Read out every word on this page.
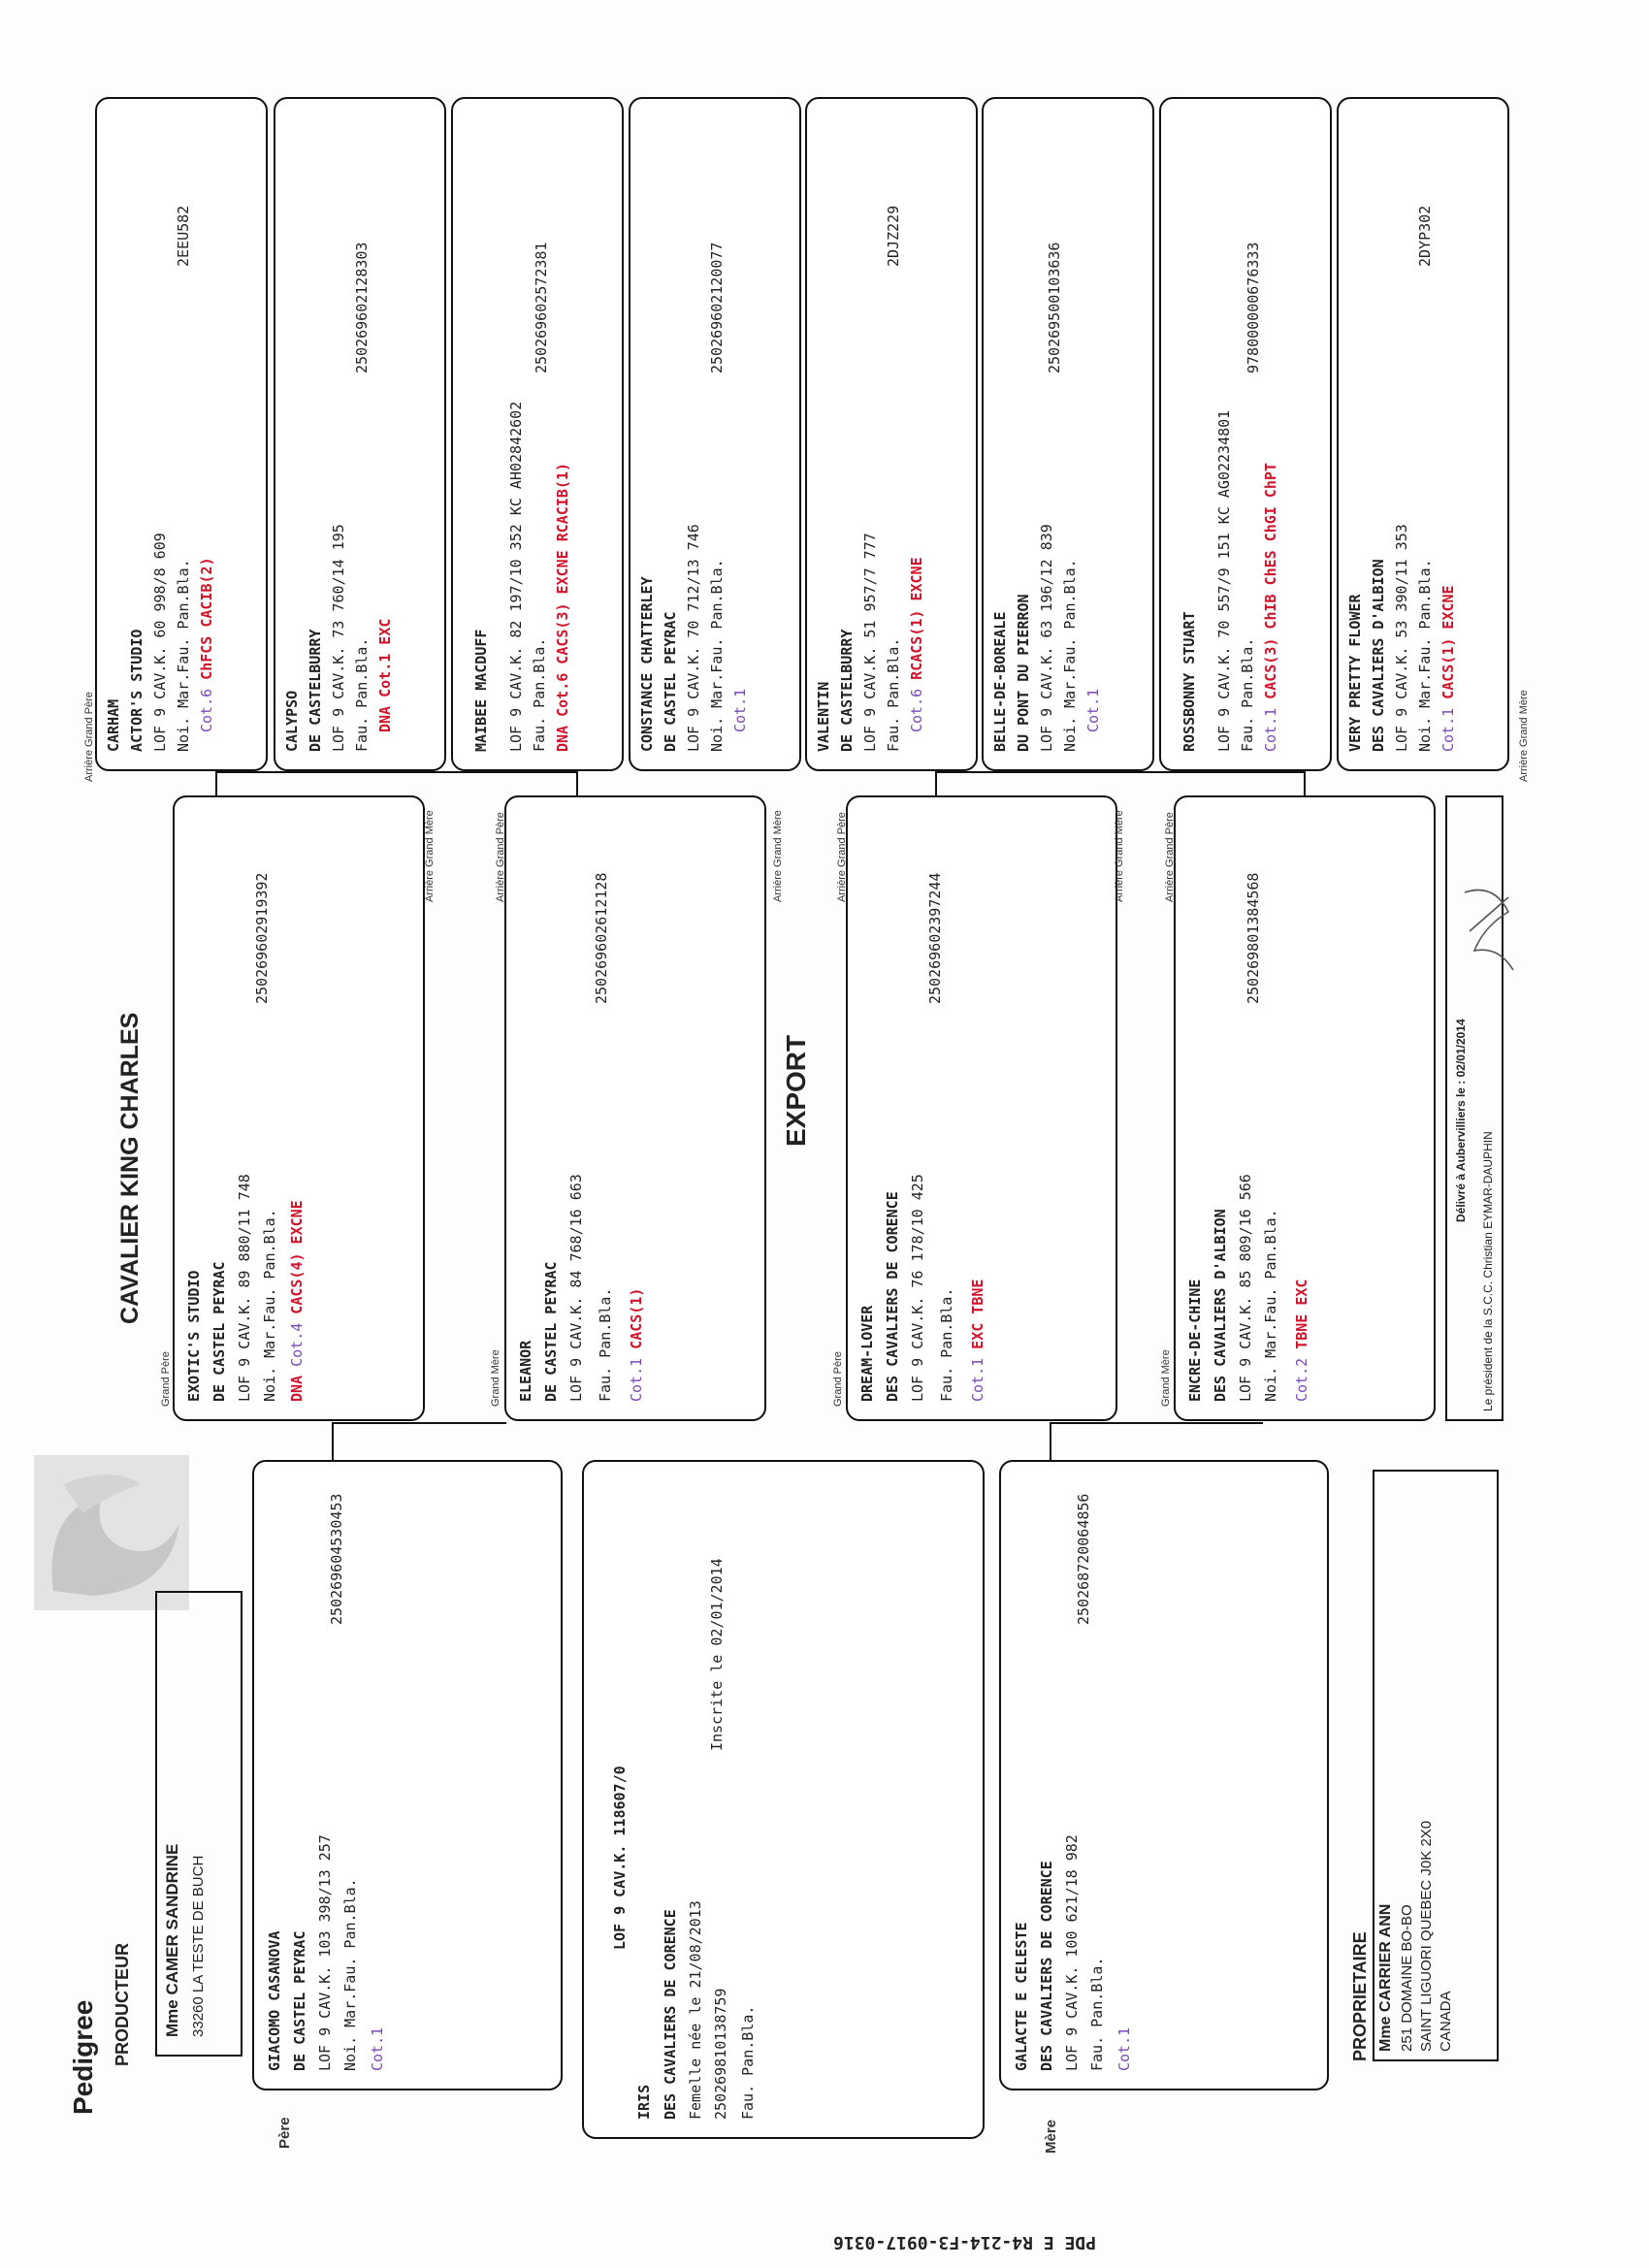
Pedigree PRODUCTEUR Mme CAMER SANDRINE 33260 LA TESTE DE BUCH
CAVALIER KING CHARLES	EXPORT
Père	Mère
LOF 9 CAV.K. 118607/0
IRIS DES CAVALIERS DE CORENCE Femelle née le 21/08/2013
Inscrite le 02/01/2014
250269810138759 Fau. Pan.Bla.
GIACOMO CASANOVA DE CASTEL PEYRAC LOF 9 CAV.K. 103 398/13 257 Noi. Mar.Fau. Pan.Bla.
250269604530453
Cot.1	GALACTE E CELESTE DES CAVALIERS DE CORENCE LOF 9 CAV.K. 100 621/18 982 Fau. Pan.Bla.
250268720064856
Cot.1	PROPRIETAIRE Mme CARRIER ANN 251 DOMAINE BO-BO SAINT LIGUORI QUEBEC J0K 2X0 CANADA
EXOTIC'S STUDIO DE CASTEL PEYRAC LOF 9 CAV.K. 89 880/11 748 Noi. Mar.Fau. Pan.Bla.
250269602919392
DNA Cot.4 CACS(4) EXCNE
ELEANOR DE CASTEL PEYRAC LOF 9 CAV.K. 84 768/16 663 Fau. Pan.Bla.
250269602612128
Cot.1 CACS(1)	DREAM-LOVER DES CAVALIERS DE CORENCE LOF 9 CAV.K. 76 178/10 425 Fau. Pan.Bla.
250269602397244
Cot.1 EXC TBNE	ENCRE-DE-CHINE DES CAVALIERS D'ALBION LOF 9 CAV.K. 85 809/16 566 Noi. Mar.Fau. Pan.Bla.
250269801384568
Cot.2 TBNE EXC
Grand Père	Grand Mère	Grand Père	Grand Mère
CARHAM ACTOR'S STUDIO LOF 9 CAV.K. 60 998/8 609 Noi. Mar.Fau. Pan.Bla.
2EEU582
Cot.6 ChFCS CACIB(2)
CALYPSO DE CASTELBURRY LOF 9 CAV.K. 73 760/14 195 Fau. Pan.Bla.
250269602128303
DNA Cot.1 EXC	MAIBEE MACDUFF LOF 9 CAV.K. 82 197/10 352 KC AH02842602 Fau. Pan.Bla.
250269602572381
DNA Cot.6 CACS(3) EXCNE RCACIB(1)	CONSTANCE CHATTERLEY DE CASTEL PEYRAC LOF 9 CAV.K. 70 712/13 746 Noi. Mar.Fau. Pan.Bla.
250269602120077
Cot.1	VALENTIN DE CASTELBURRY LOF 9 CAV.K. 51 957/7 777 Fau. Pan.Bla.
2DJZ229
Cot.6 RCACS(1) EXCNE	BELLE-DE-BOREALE DU PONT DU PIERRON LOF 9 CAV.K. 63 196/12 839 Noi. Mar.Fau. Pan.Bla.
250269500103636
Cot.1	ROSSBONNY STUART LOF 9 CAV.K. 70 557/9 151 KC AG02234801 Fau. Pan.Bla.
978000000676333
Cot.1 CACS(3) ChIB ChES ChGI ChPT	VERY PRETTY FLOWER DES CAVALIERS D'ALBION LOF 9 CAV.K. 53 390/11 353 Noi. Mar.Fau. Pan.Bla.
2DYP302
Cot.1 CACS(1) EXCNE
Arrière Grand Père
Arrière Grand Mère	Arrière Grand Père	Arrière Grand Mère	Arrière Grand Père	Arrière Grand Mère	Arrière Grand Père
Arrière Grand Mère
Délivré à Aubervilliers le : 02/01/2014
Le président de la S.C.C. Christian EYMAR-DAUPHIN
PDE E R4-214-F3-0917-0316
